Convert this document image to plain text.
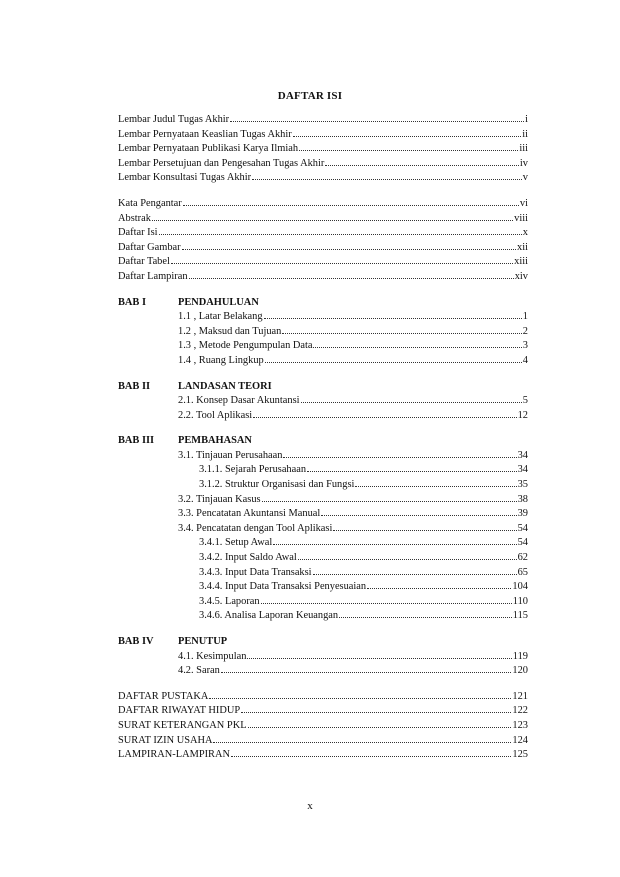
DAFTAR ISI
Lembar Judul Tugas Akhir	i
Lembar Pernyataan Keaslian Tugas Akhir	ii
Lembar Pernyataan Publikasi Karya Ilmiah	iii
Lembar Persetujuan dan Pengesahan Tugas Akhir	iv
Lembar Konsultasi Tugas Akhir	v
Kata Pengantar	vi
Abstrak	viii
Daftar Isi	x
Daftar Gambar	xii
Daftar Tabel	xiii
Daftar Lampiran	xiv
BAB I	PENDAHULUAN
1.1 , Latar Belakang	1
1.2 , Maksud dan Tujuan	2
1.3 , Metode Pengumpulan Data	3
1.4 , Ruang Lingkup	4
BAB II	LANDASAN TEORI
2.1. Konsep Dasar Akuntansi	5
2.2. Tool Aplikasi	12
BAB III	PEMBAHASAN
3.1. Tinjauan Perusahaan	34
3.1.1. Sejarah Perusahaan	34
3.1.2. Struktur Organisasi dan Fungsi	35
3.2. Tinjauan Kasus	38
3.3. Pencatatan Akuntansi Manual	39
3.4. Pencatatan dengan Tool Aplikasi	54
3.4.1. Setup Awal	54
3.4.2. Input Saldo Awal	62
3.4.3. Input Data Transaksi	65
3.4.4. Input Data Transaksi Penyesuaian	104
3.4.5. Laporan	110
3.4.6. Analisa Laporan Keuangan	115
BAB IV	PENUTUP
4.1. Kesimpulan	119
4.2. Saran	120
DAFTAR PUSTAKA	121
DAFTAR RIWAYAT HIDUP	122
SURAT KETERANGAN PKL	123
SURAT IZIN USAHA	124
LAMPIRAN-LAMPIRAN	125
x
